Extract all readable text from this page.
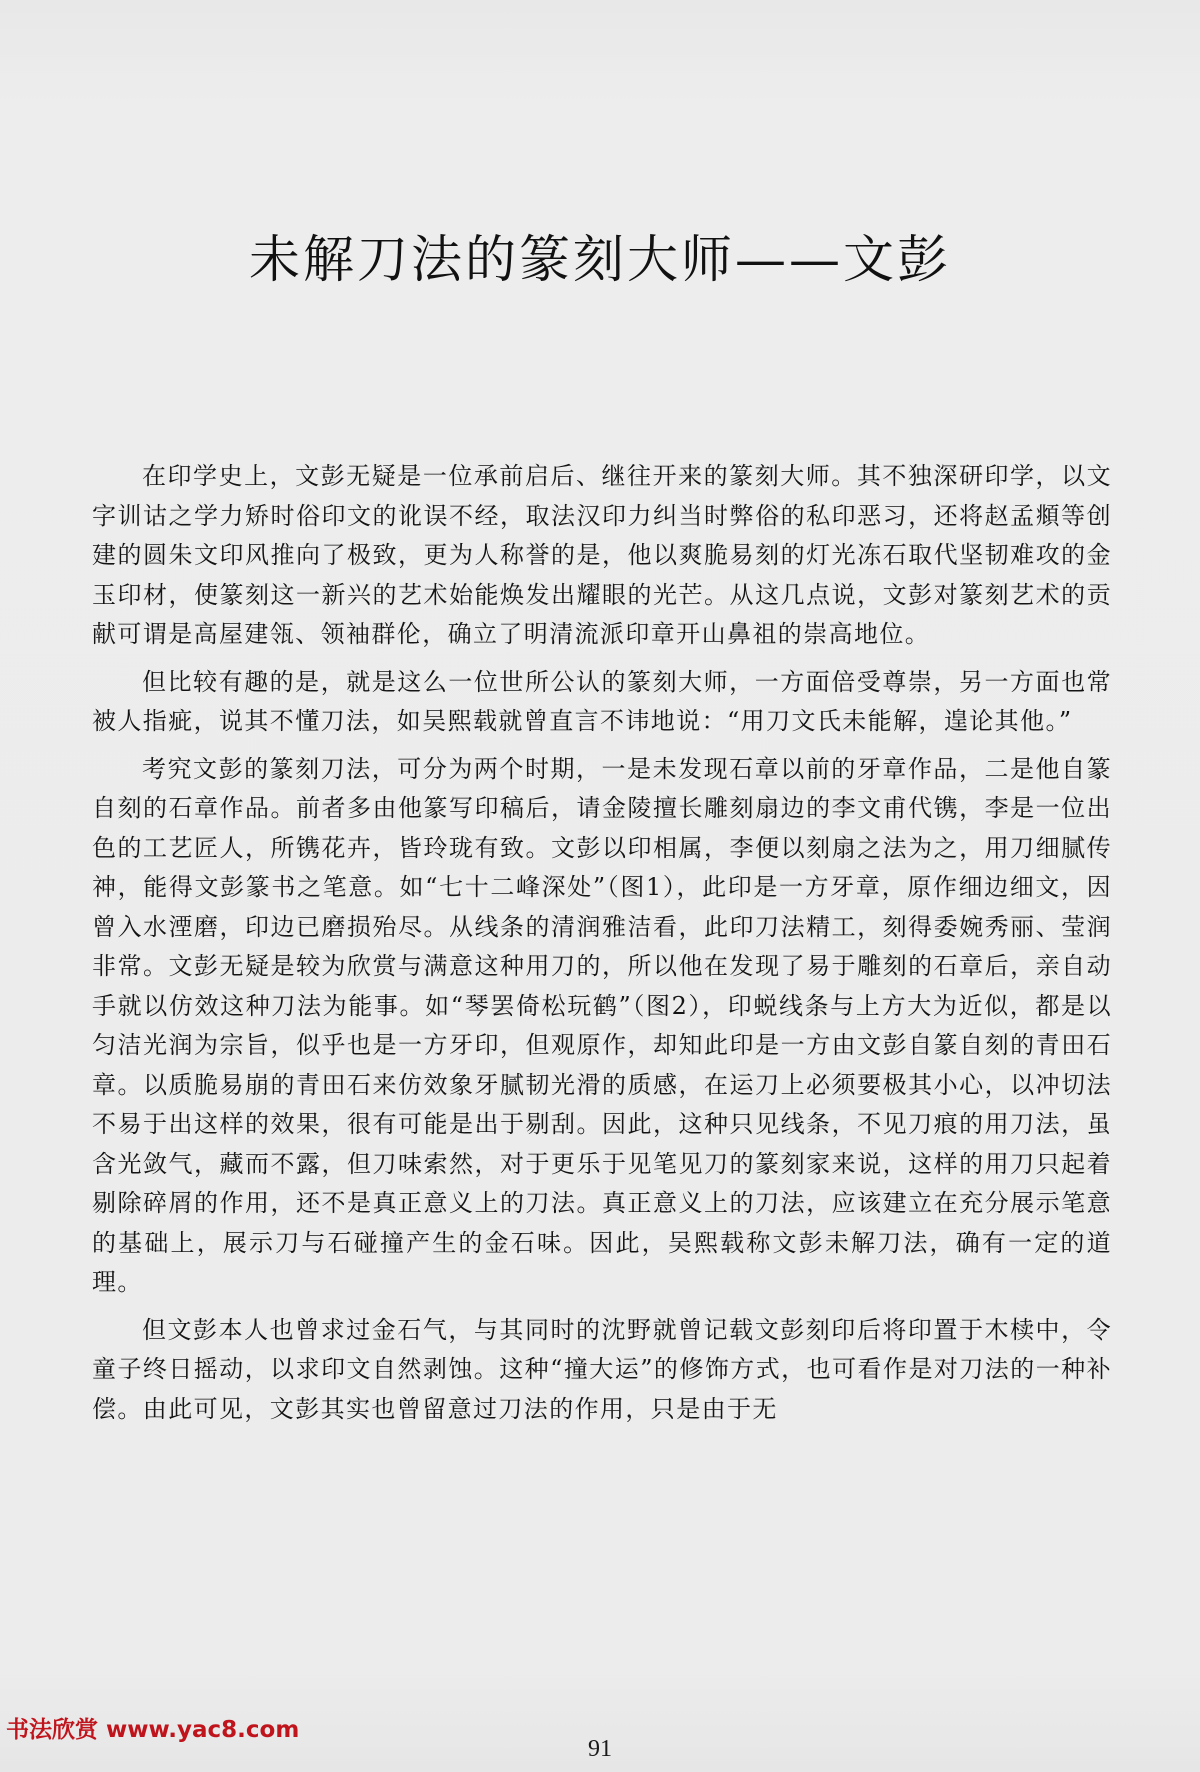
未解刀法的篆刻大师——文彭

在印学史上，文彭无疑是一位承前启后、继往开来的篆刻大师。其不独深研印学，以文字训诂之学力矫时俗印文的讹误不经，取法汉印力纠当时弊俗的私印恶习，还将赵孟頫等创建的圆朱文印风推向了极致，更为人称誉的是，他以爽脆易刻的灯光冻石取代坚韧难攻的金玉印材，使篆刻这一新兴的艺术始能焕发出耀眼的光芒。从这几点说，文彭对篆刻艺术的贡献可谓是高屋建瓴、领袖群伦，确立了明清流派印章开山鼻祖的崇高地位。

但比较有趣的是，就是这么一位世所公认的篆刻大师，一方面倍受尊崇，另一方面也常被人指疵，说其不懂刀法，如吴熙载就曾直言不讳地说：“用刀文氏未能解，遑论其他。”

考究文彭的篆刻刀法，可分为两个时期，一是未发现石章以前的牙章作品，二是他自篆自刻的石章作品。前者多由他篆写印稿后，请金陵擅长雕刻扇边的李文甫代镌，李是一位出色的工艺匠人，所镌花卉，皆玲珑有致。文彭以印相属，李便以刻扇之法为之，用刀细腻传神，能得文彭篆书之笔意。如“七十二峰深处”（图1），此印是一方牙章，原作细边细文，因曾入水湮磨，印边已磨损殆尽。从线条的清润雅洁看，此印刀法精工，刻得委婉秀丽、莹润非常。文彭无疑是较为欣赏与满意这种用刀的，所以他在发现了易于雕刻的石章后，亲自动手就以仿效这种刀法为能事。如“琴罢倚松玩鹤”（图2），印蜕线条与上方大为近似，都是以匀洁光润为宗旨，似乎也是一方牙印，但观原作，却知此印是一方由文彭自篆自刻的青田石章。以质脆易崩的青田石来仿效象牙腻韧光滑的质感，在运刀上必须要极其小心，以冲切法不易于出这样的效果，很有可能是出于剔刮。因此，这种只见线条，不见刀痕的用刀法，虽含光敛气，藏而不露，但刀味索然，对于更乐于见笔见刀的篆刻家来说，这样的用刀只起着剔除碎屑的作用，还不是真正意义上的刀法。真正意义上的刀法，应该建立在充分展示笔意的基础上，展示刀与石碰撞产生的金石味。因此，吴熙载称文彭未解刀法，确有一定的道理。

但文彭本人也曾求过金石气，与其同时的沈野就曾记载文彭刻印后将印置于木椟中，令童子终日摇动，以求印文自然剥蚀。这种“撞大运”的修饰方式，也可看作是对刀法的一种补偿。由此可见，文彭其实也曾留意过刀法的作用，只是由于无

书法欣赏 www.yac8.com
91
